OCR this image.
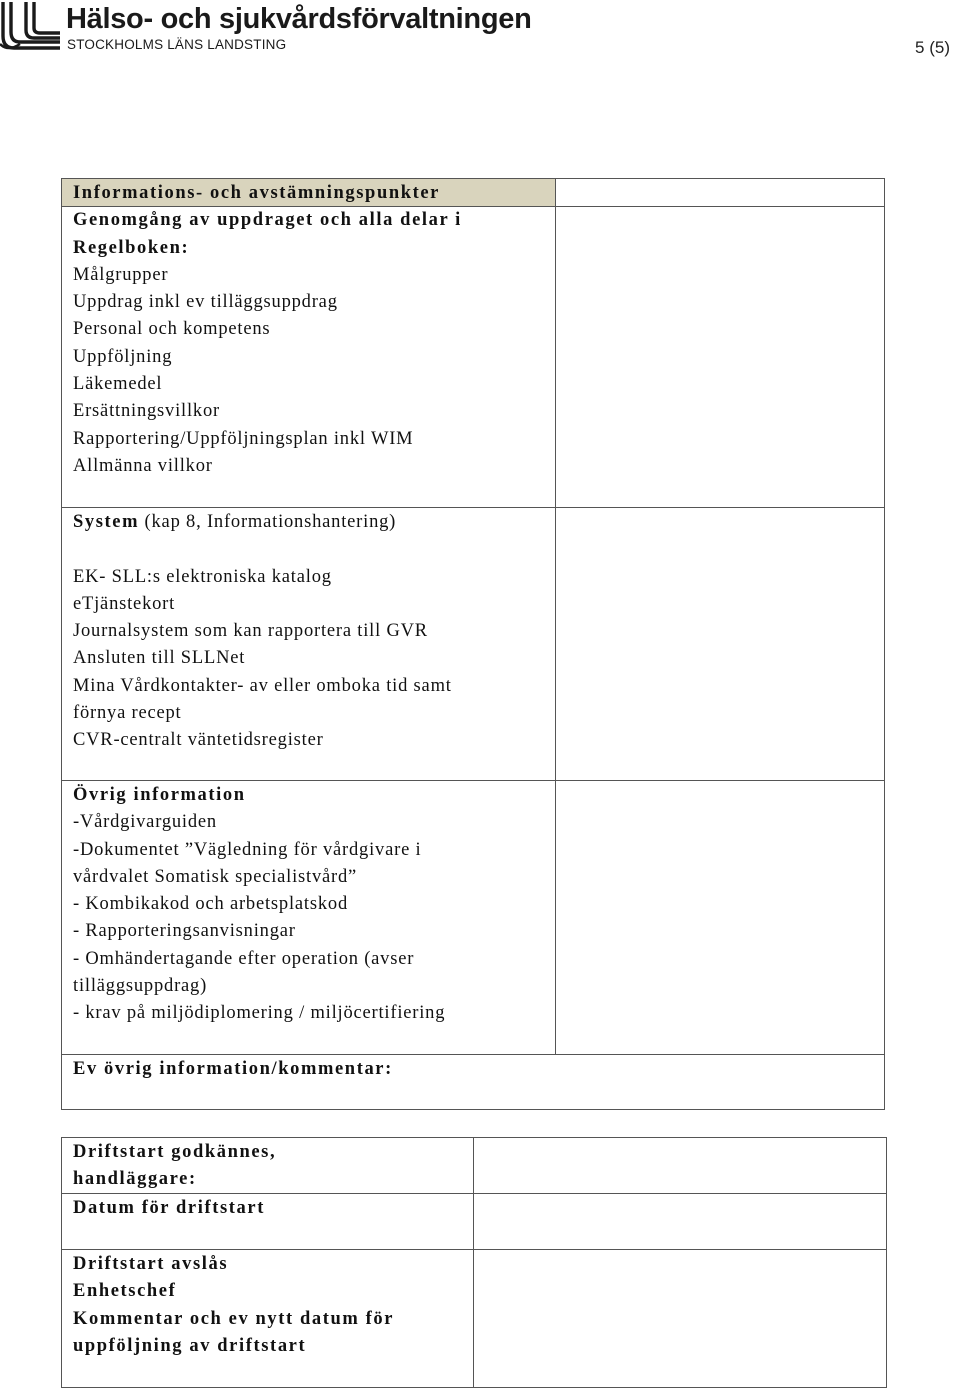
Hälso- och sjukvårdsförvaltningen
STOCKHOLMS LÄNS LANDSTING	5 (5)
Informations- och avstämningspunkter
Genomgång av uppdraget och alla delar i
Regelboken:
Målgrupper
Uppdrag inkl ev tilläggsuppdrag
Personal och kompetens
Uppföljning
Läkemedel
Ersättningsvillkor
Rapportering/Uppföljningsplan inkl WIM
Allmänna villkor
System (kap 8, Informationshantering)

EK- SLL:s elektroniska katalog
eTjänstekort
Journalsystem som kan rapportera till GVR
Ansluten till SLLNet
Mina Vårdkontakter- av eller omboka tid samt
förnya recept
CVR-centralt väntetidsregister
Övrig information
-Vårdgivarguiden
-Dokumentet ”Vägledning för vårdgivare i
vårdvalet Somatisk specialistvård”
- Kombikakod och arbetsplatskod
- Rapporteringsanvisningar
- Omhändertagande efter operation (avser
tilläggsuppdrag)
- krav på miljödiplomering / miljöcertifiering
Ev övrig information/kommentar:
Driftstart godkännes,
handläggare:
Datum för driftstart
Driftstart avslås
Enhetschef
Kommentar och ev nytt datum för
uppföljning av driftstart
